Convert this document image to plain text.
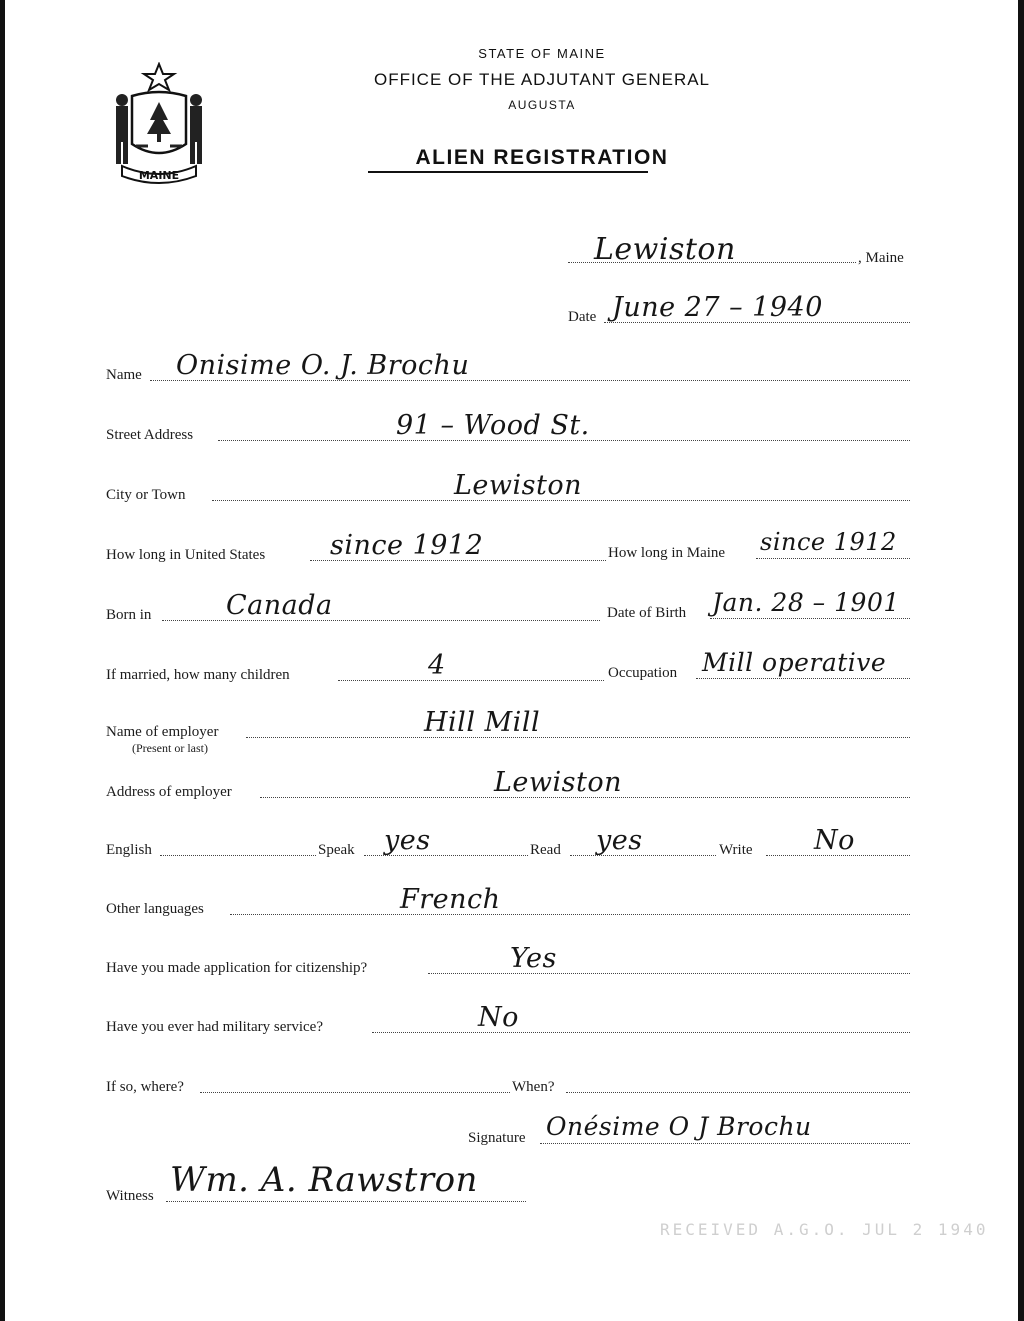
MAINE
STATE OF MAINE
OFFICE OF THE ADJUTANT GENERAL
AUGUSTA
ALIEN REGISTRATION
Lewiston	, Maine
Date June 27 – 1940
Name Onisime O. J. Brochu
Street Address	91 – Wood St.
City or Town	Lewiston
How long in United States since 1912	How long in Maine since 1912
Born in	Canada	Date of Birth Jan. 28 – 1901
If married, how many children	4	Occupation Mill operative
Name of employer
(Present or last)
Hill Mill
Address of employer	Lewiston
English	Speak yes	Read yes	Write No
Other languages	French
Have you made application for citizenship?	Yes
Have you ever had military service?	No
If so, where?	When?
Signature Onésime O J Brochu
Witness Wm. A. Rawstron
RECEIVED A.G.O. JUL 2 1940
